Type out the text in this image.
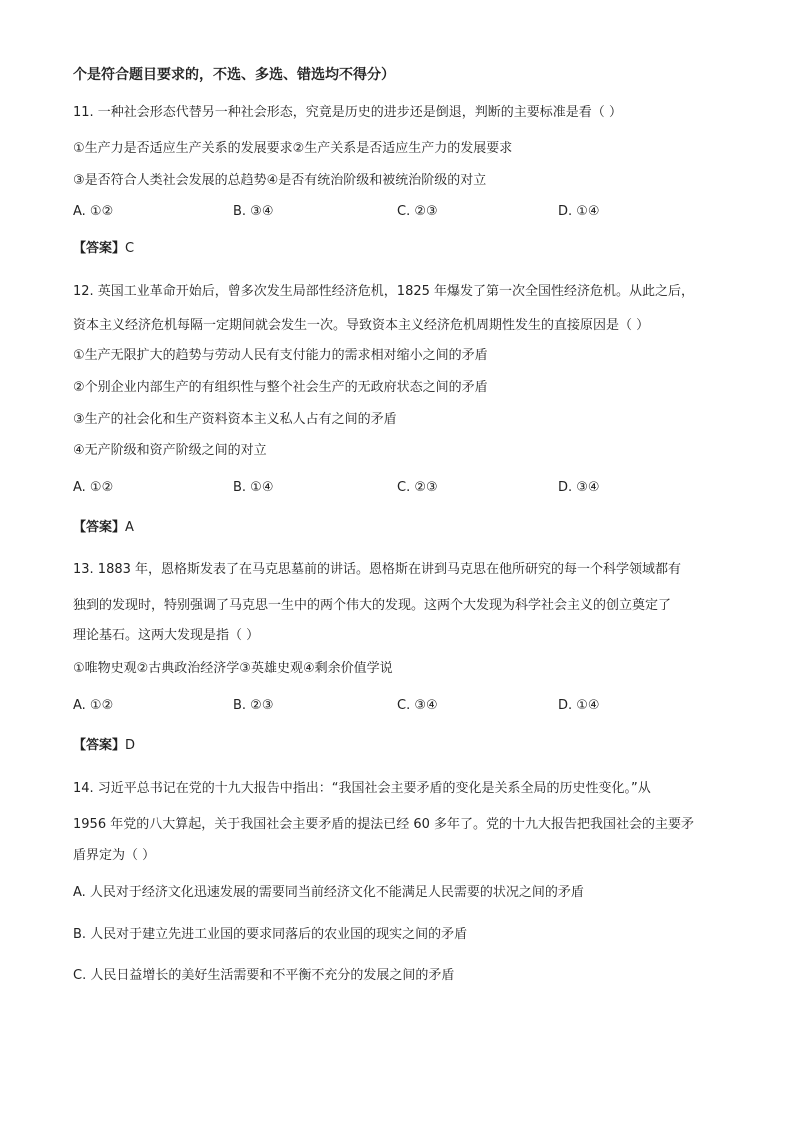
个是符合题目要求的，不选、多选、错选均不得分）
11. 一种社会形态代替另一种社会形态，究竟是历史的进步还是倒退，判断的主要标准是看（ ）
①生产力是否适应生产关系的发展要求②生产关系是否适应生产力的发展要求
③是否符合人类社会发展的总趋势④是否有统治阶级和被统治阶级的对立
A. ①②	B. ③④	C. ②③	D. ①④
【答案】C
12. 英国工业革命开始后，曾多次发生局部性经济危机，1825 年爆发了第一次全国性经济危机。从此之后，
资本主义经济危机每隔一定期间就会发生一次。导致资本主义经济危机周期性发生的直接原因是（ ）
①生产无限扩大的趋势与劳动人民有支付能力的需求相对缩小之间的矛盾
②个别企业内部生产的有组织性与整个社会生产的无政府状态之间的矛盾
③生产的社会化和生产资料资本主义私人占有之间的矛盾
④无产阶级和资产阶级之间的对立
A. ①②	B. ①④	C. ②③	D. ③④
【答案】A
13. 1883 年，恩格斯发表了在马克思墓前的讲话。恩格斯在讲到马克思在他所研究的每一个科学领域都有
独到的发现时，特别强调了马克思一生中的两个伟大的发现。这两个大发现为科学社会主义的创立奠定了
理论基石。这两大发现是指（ ）
①唯物史观②古典政治经济学③英雄史观④剩余价值学说
A. ①②	B. ②③	C. ③④	D. ①④
【答案】D
14. 习近平总书记在党的十九大报告中指出：“我国社会主要矛盾的变化是关系全局的历史性变化。”从
1956 年党的八大算起，关于我国社会主要矛盾的提法已经 60 多年了。党的十九大报告把我国社会的主要矛
盾界定为（ ）
A. 人民对于经济文化迅速发展的需要同当前经济文化不能满足人民需要的状况之间的矛盾
B. 人民对于建立先进工业国的要求同落后的农业国的现实之间的矛盾
C. 人民日益增长的美好生活需要和不平衡不充分的发展之间的矛盾
